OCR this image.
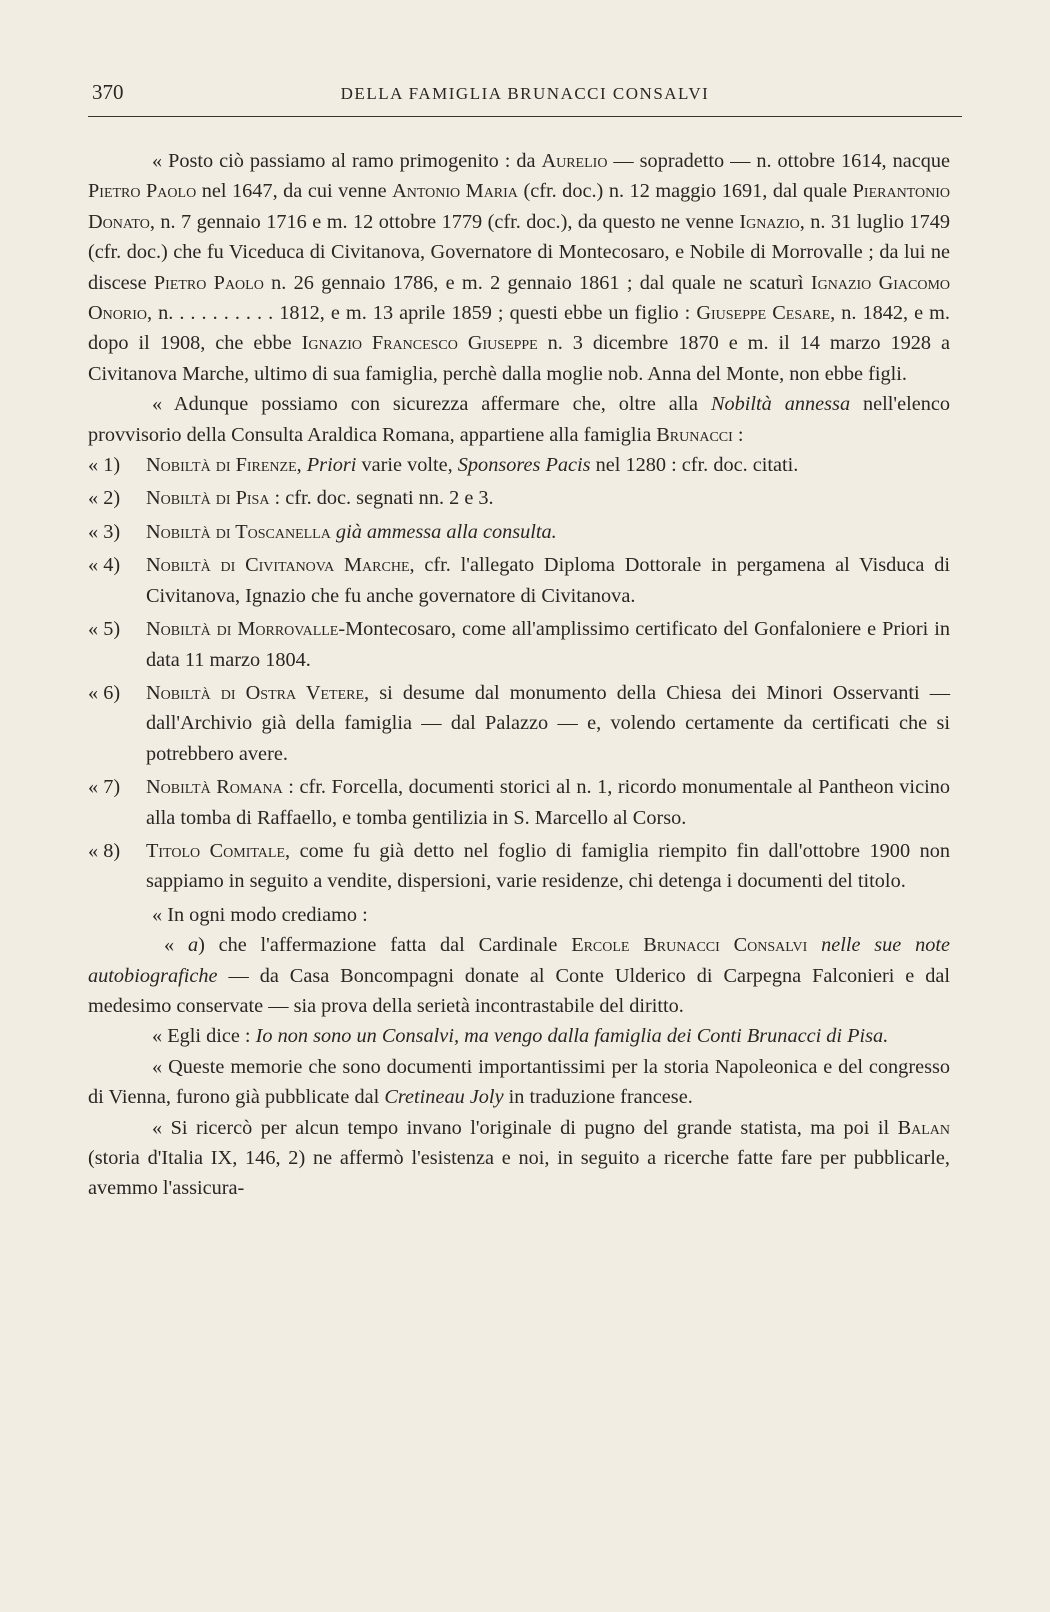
370	DELLA FAMIGLIA BRUNACCI CONSALVI

« Posto ciò passiamo al ramo primogenito : da Aurelio — sopradetto — n. ottobre 1614, nacque Pietro Paolo nel 1647, da cui venne Antonio Maria (cfr. doc.) n. 12 maggio 1691, dal quale Pierantonio Donato, n. 7 gennaio 1716 e m. 12 ottobre 1779 (cfr. doc.), da questo ne venne Ignazio, n. 31 luglio 1749 (cfr. doc.) che fu Viceduca di Civitanova, Governatore di Montecosaro, e Nobile di Morrovalle ; da lui ne discese Pietro Paolo n. 26 gennaio 1786, e m. 2 gennaio 1861 ; dal quale ne scaturì Ignazio Giacomo Onorio, n. . . . . . . . . . 1812, e m. 13 aprile 1859 ; questi ebbe un figlio : Giuseppe Cesare, n. 1842, e m. dopo il 1908, che ebbe Ignazio Francesco Giuseppe n. 3 dicembre 1870 e m. il 14 marzo 1928 a Civitanova Marche, ultimo di sua famiglia, perchè dalla moglie nob. Anna del Monte, non ebbe figli.

« Adunque possiamo con sicurezza affermare che, oltre alla Nobiltà annessa nell'elenco provvisorio della Consulta Araldica Romana, appartiene alla famiglia Brunacci :

« 1)	Nobiltà di Firenze, Priori varie volte, Sponsores Pacis nel 1280 : cfr. doc. citati.
« 2)	Nobiltà di Pisa : cfr. doc. segnati nn. 2 e 3.
« 3)	Nobiltà di Toscanella già ammessa alla consulta.
« 4)	Nobiltà di Civitanova Marche, cfr. l'allegato Diploma Dottorale in pergamena al Visduca di Civitanova, Ignazio che fu anche governatore di Civitanova.
« 5)	Nobiltà di Morrovalle-Montecosaro, come all'amplissimo certificato del Gonfaloniere e Priori in data 11 marzo 1804.
« 6)	Nobiltà di Ostra Vetere, si desume dal monumento della Chiesa dei Minori Osservanti — dall'Archivio già della famiglia — dal Palazzo — e, volendo certamente da certificati che si potrebbero avere.
« 7)	Nobiltà Romana : cfr. Forcella, documenti storici al n. 1, ricordo monumentale al Pantheon vicino alla tomba di Raffaello, e tomba gentilizia in S. Marcello al Corso.
« 8)	Titolo Comitale, come fu già detto nel foglio di famiglia riempito fin dall'ottobre 1900 non sappiamo in seguito a vendite, dispersioni, varie residenze, chi detenga i documenti del titolo.

« In ogni modo crediamo :

« a) che l'affermazione fatta dal Cardinale Ercole Brunacci Consalvi nelle sue note autobiografiche — da Casa Boncompagni donate al Conte Ulderico di Carpegna Falconieri e dal medesimo conservate — sia prova della serietà incontrastabile del diritto.

« Egli dice : Io non sono un Consalvi, ma vengo dalla famiglia dei Conti Brunacci di Pisa.

« Queste memorie che sono documenti importantissimi per la storia Napoleonica e del congresso di Vienna, furono già pubblicate dal Cretineau Joly in traduzione francese.

« Si ricercò per alcun tempo invano l'originale di pugno del grande statista, ma poi il Balan (storia d'Italia IX, 146, 2) ne affermò l'esistenza e noi, in seguito a ricerche fatte fare per pubblicarle, avemmo l'assicura-
